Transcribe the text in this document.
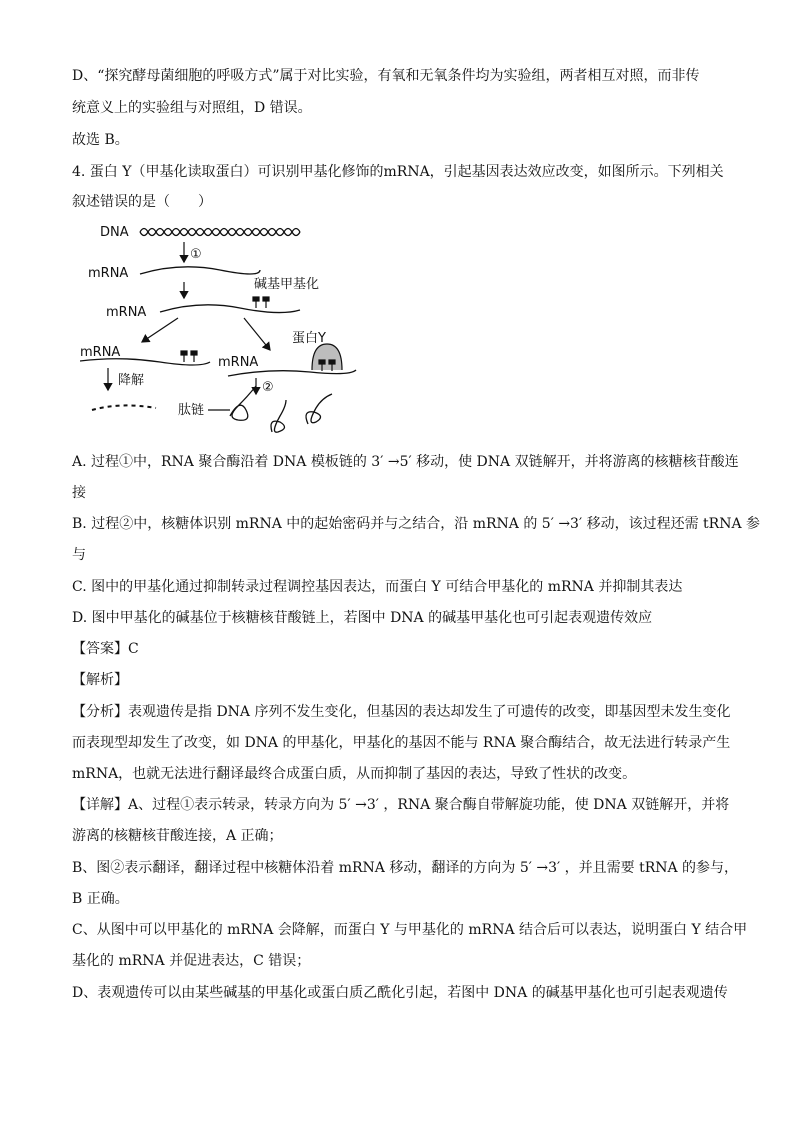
D、“探究酵母菌细胞的呼吸方式”属于对比实验，有氧和无氧条件均为实验组，两者相互对照，而非传
统意义上的实验组与对照组，D 错误。
故选 B。
4. 蛋白 Y（甲基化读取蛋白）可识别甲基化修饰的mRNA，引起基因表达效应改变，如图所示。下列相关
叙述错误的是（　　）
DNA
①
mRNA
碱基甲基化
mRNA
蛋白Y
mRNA
mRNA
降解	②
肽链
A. 过程①中，RNA 聚合酶沿着 DNA 模板链的 3′ →5′ 移动，使 DNA 双链解开，并将游离的核糖核苷酸连
接
B. 过程②中，核糖体识别 mRNA 中的起始密码并与之结合，沿 mRNA 的 5′ →3′ 移动，该过程还需 tRNA 参
与
C. 图中的甲基化通过抑制转录过程调控基因表达，而蛋白 Y 可结合甲基化的 mRNA 并抑制其表达
D. 图中甲基化的碱基位于核糖核苷酸链上，若图中 DNA 的碱基甲基化也可引起表观遗传效应
【答案】C
【解析】
【分析】表观遗传是指 DNA 序列不发生变化，但基因的表达却发生了可遗传的改变，即基因型未发生变化
而表现型却发生了改变，如 DNA 的甲基化，甲基化的基因不能与 RNA 聚合酶结合，故无法进行转录产生
mRNA，也就无法进行翻译最终合成蛋白质，从而抑制了基因的表达，导致了性状的改变。
【详解】A、过程①表示转录，转录方向为 5′ →3′ ，RNA 聚合酶自带解旋功能，使 DNA 双链解开，并将
游离的核糖核苷酸连接，A 正确；
B、图②表示翻译，翻译过程中核糖体沿着 mRNA 移动，翻译的方向为 5′ →3′ ，并且需要 tRNA 的参与，
B 正确。
C、从图中可以甲基化的 mRNA 会降解，而蛋白 Y 与甲基化的 mRNA 结合后可以表达，说明蛋白 Y 结合甲
基化的 mRNA 并促进表达，C 错误；
D、表观遗传可以由某些碱基的甲基化或蛋白质乙酰化引起，若图中 DNA 的碱基甲基化也可引起表观遗传
